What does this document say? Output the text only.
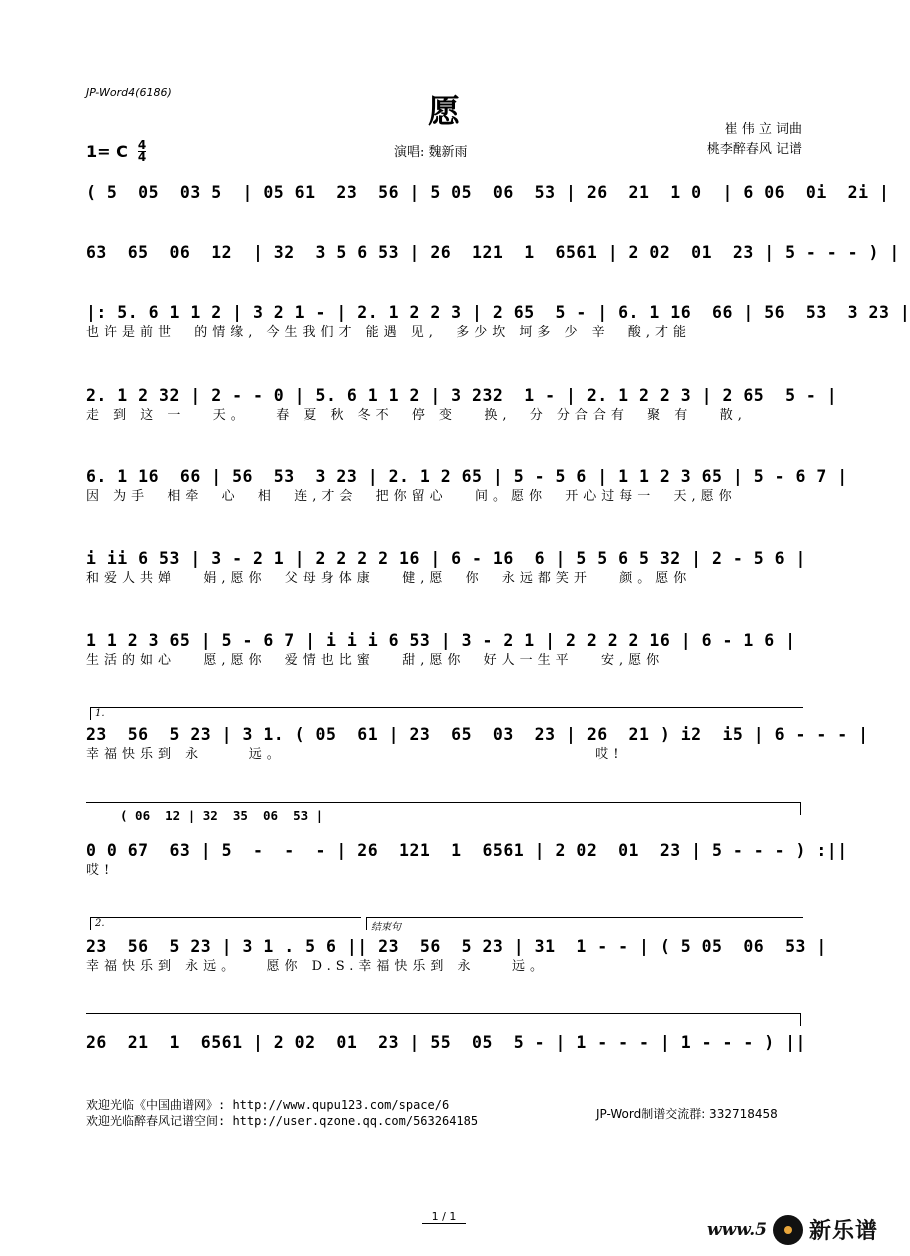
JP-Word4(6186)	愿	崔 伟 立 词曲
桃李醉春风 记谱
1= C 4
4	演唱: 魏新雨
( 5  05  03 5  | 05 61  23  56 | 5 05  06  53 | 26  21  1 0  | 6 06  0i  2i |
63  65  06  12  | 32  3 5 6 53 | 26  121  1  6561 | 2 02  01  23 | 5 - - - ) |
|: 5. 6 1 1 2 | 3 2 1 - | 2. 1 2 2 3 | 2 65  5 - | 6. 1 16  66 | 56  53  3 23 |
也许是前世  的情缘, 今生我们才 能遇 见,  多少坎 坷多 少 辛  酸,才能
2. 1 2 32 | 2 - - 0 | 5. 6 1 1 2 | 3 232  1 - | 2. 1 2 2 3 | 2 65  5 - |
走 到 这 一   天。   春 夏 秋 冬不  停 变   换,  分 分合合有  聚 有   散,
6. 1 16  66 | 56  53  3 23 | 2. 1 2 65 | 5 - 5 6 | 1 1 2 3 65 | 5 - 6 7 |
因 为手  相牵  心  相  连,才会  把你留心   间。愿你  开心过每一  天,愿你
i ii 6 53 | 3 - 2 1 | 2 2 2 2 16 | 6 - 16  6 | 5 5 6 5 32 | 2 - 5 6 |
和爱人共婵   娟,愿你  父母身体康   健,愿  你  永远都笑开   颜。愿你
1 1 2 3 65 | 5 - 6 7 | i i i 6 53 | 3 - 2 1 | 2 2 2 2 16 | 6 - 1 6 |
生活的如心   愿,愿你  爱情也比蜜   甜,愿你  好人一生平   安,愿你
1.
23  56  5 23 | 3 1. ( 05  61 | 23  65  03  23 | 26  21 ) i2  i5 | 6 - - - |
幸福快乐到 永     远。                                  哎!
( 06  12 | 32  35  06  53 |
0 0 67  63 | 5  -  -  - | 26  121  1  6561 | 2 02  01  23 | 5 - - - ) :||
哎!
2.	结束句
23  56  5 23 | 3 1 . 5 6 || 23  56  5 23 | 31  1 - - | ( 5 05  06  53 |
幸福快乐到 永远。   愿你 D.S.幸福快乐到 永    远。
26  21  1  6561 | 2 02  01  23 | 55  05  5 - | 1 - - - | 1 - - - ) ||
欢迎光临《中国曲谱网》: http://www.qupu123.com/space/6
欢迎光临醉春风记谱空间: http://user.qzone.qq.com/563264185	JP-Word制谱交流群: 332718458
1 / 1
www.5 新乐谱
